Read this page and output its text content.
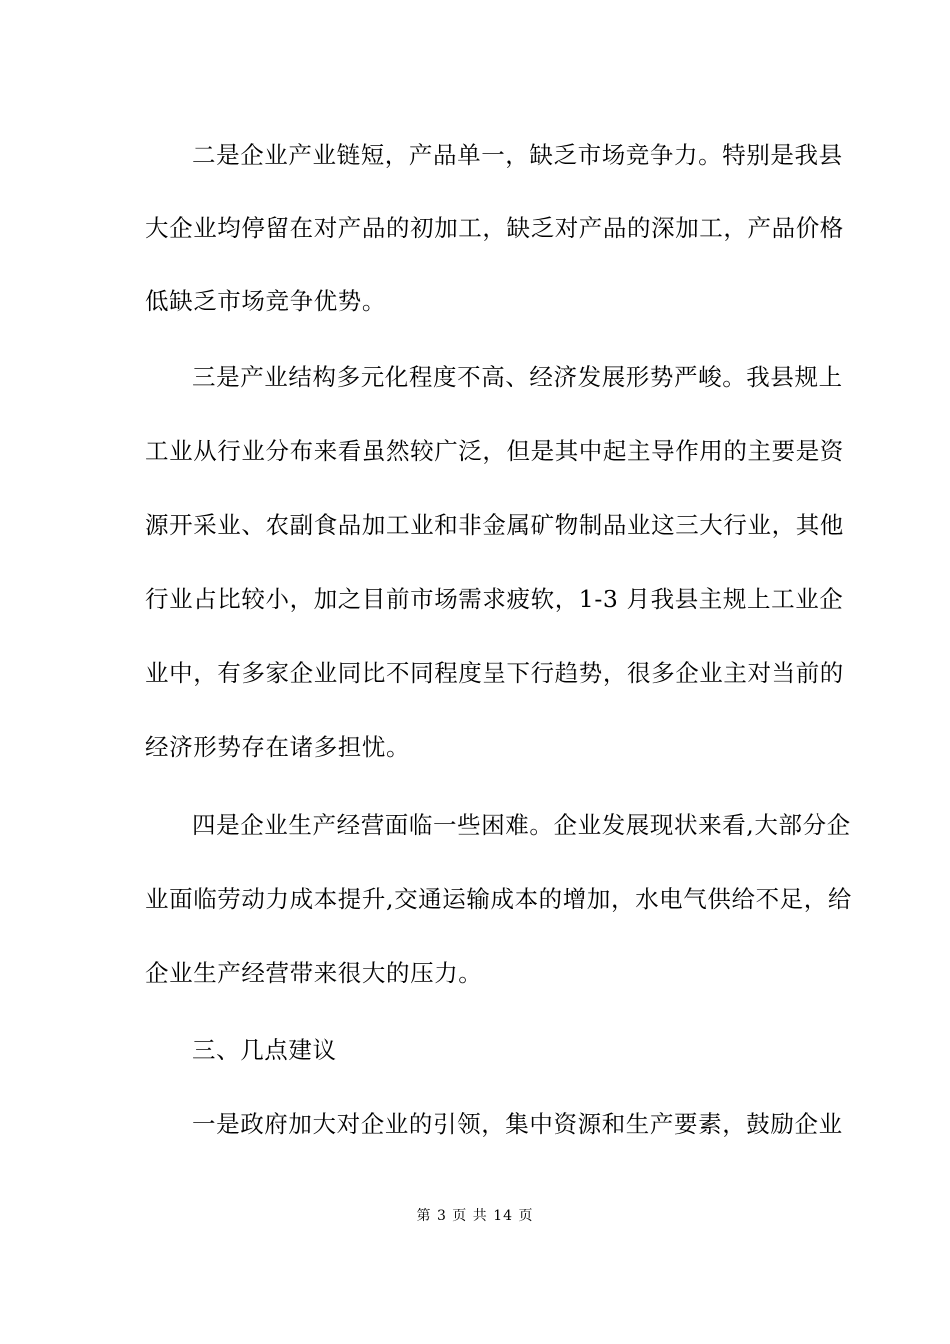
二是企业产业链短，产品单一，缺乏市场竞争力。特别是我县
大企业均停留在对产品的初加工，缺乏对产品的深加工，产品价格
低缺乏市场竞争优势。
三是产业结构多元化程度不高、经济发展形势严峻。我县规上
工业从行业分布来看虽然较广泛，但是其中起主导作用的主要是资
源开采业、农副食品加工业和非金属矿物制品业这三大行业，其他
行业占比较小，加之目前市场需求疲软，1-3 月我县主规上工业企
业中，有多家企业同比不同程度呈下行趋势，很多企业主对当前的
经济形势存在诸多担忧。
四是企业生产经营面临一些困难。企业发展现状来看,大部分企
业面临劳动力成本提升,交通运输成本的增加，水电气供给不足，给
企业生产经营带来很大的压力。
三、几点建议
一是政府加大对企业的引领，集中资源和生产要素，鼓励企业
第 3 页 共 14 页
